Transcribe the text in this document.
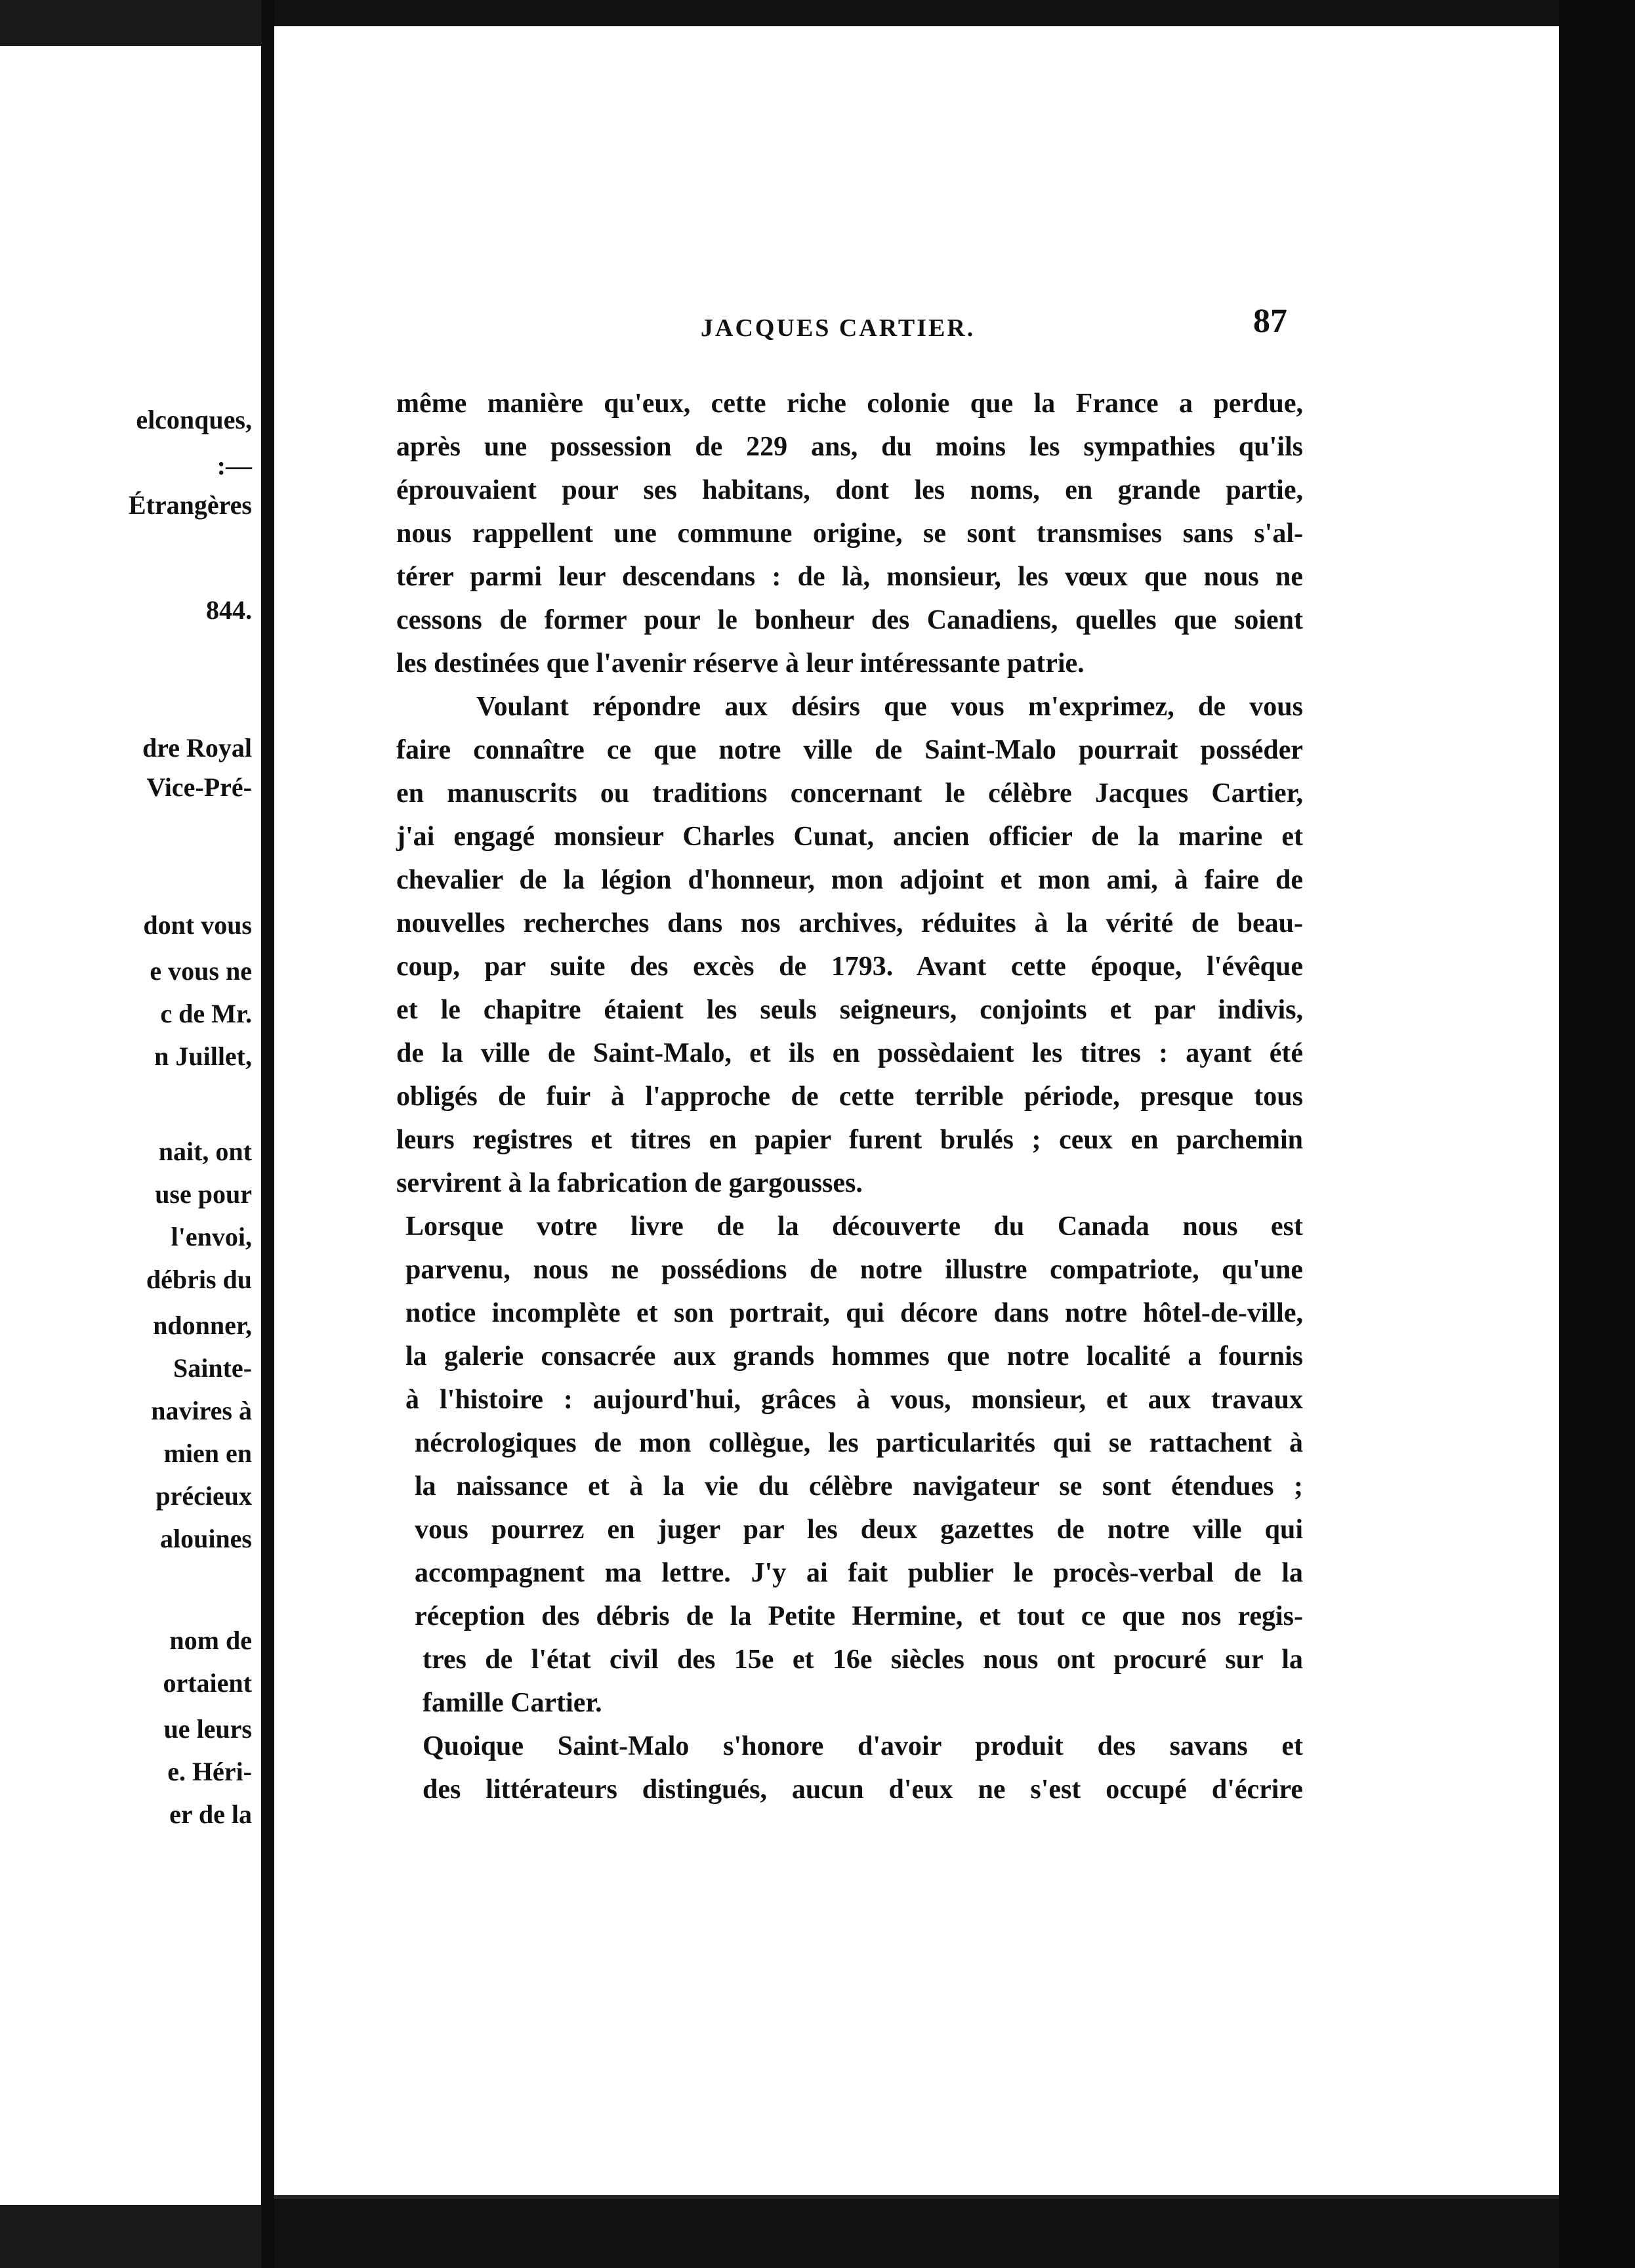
elconques,
:—
Étrangères
844.
dre Royal
Vice-Pré-
dont vous
e vous ne
c de Mr.
n Juillet,
nait, ont
use pour
l'envoi,
débris du
ndonner,
Sainte-
navires à
mien en
précieux
alouines
nom de
ortaient
ue leurs
e. Héri-
er de la
JACQUES CARTIER.	87
même manière qu'eux, cette riche colonie que la France a perdue,
après une possession de 229 ans, du moins les sympathies qu'ils
éprouvaient pour ses habitans, dont les noms, en grande partie,
nous rappellent une commune origine, se sont transmises sans s'al-
térer parmi leur descendans : de là, monsieur, les vœux que nous ne
cessons de former pour le bonheur des Canadiens, quelles que soient
les destinées que l'avenir réserve à leur intéressante patrie.
Voulant répondre aux désirs que vous m'exprimez, de vous
faire connaître ce que notre ville de Saint-Malo pourrait posséder
en manuscrits ou traditions concernant le célèbre Jacques Cartier,
j'ai engagé monsieur Charles Cunat, ancien officier de la marine et
chevalier de la légion d'honneur, mon adjoint et mon ami, à faire de
nouvelles recherches dans nos archives, réduites à la vérité de beau-
coup, par suite des excès de 1793. Avant cette époque, l'évêque
et le chapitre étaient les seuls seigneurs, conjoints et par indivis,
de la ville de Saint-Malo, et ils en possèdaient les titres : ayant été
obligés de fuir à l'approche de cette terrible période, presque tous
leurs registres et titres en papier furent brulés ; ceux en parchemin
servirent à la fabrication de gargousses.
Lorsque votre livre de la découverte du Canada nous est
parvenu, nous ne possédions de notre illustre compatriote, qu'une
notice incomplète et son portrait, qui décore dans notre hôtel-de-ville,
la galerie consacrée aux grands hommes que notre localité a fournis
à l'histoire : aujourd'hui, grâces à vous, monsieur, et aux travaux
nécrologiques de mon collègue, les particularités qui se rattachent à
la naissance et à la vie du célèbre navigateur se sont étendues ;
vous pourrez en juger par les deux gazettes de notre ville qui
accompagnent ma lettre. J'y ai fait publier le procès-verbal de la
réception des débris de la Petite Hermine, et tout ce que nos regis-
tres de l'état civil des 15e et 16e siècles nous ont procuré sur la
famille Cartier.
Quoique Saint-Malo s'honore d'avoir produit des savans et
des littérateurs distingués, aucun d'eux ne s'est occupé d'écrire
